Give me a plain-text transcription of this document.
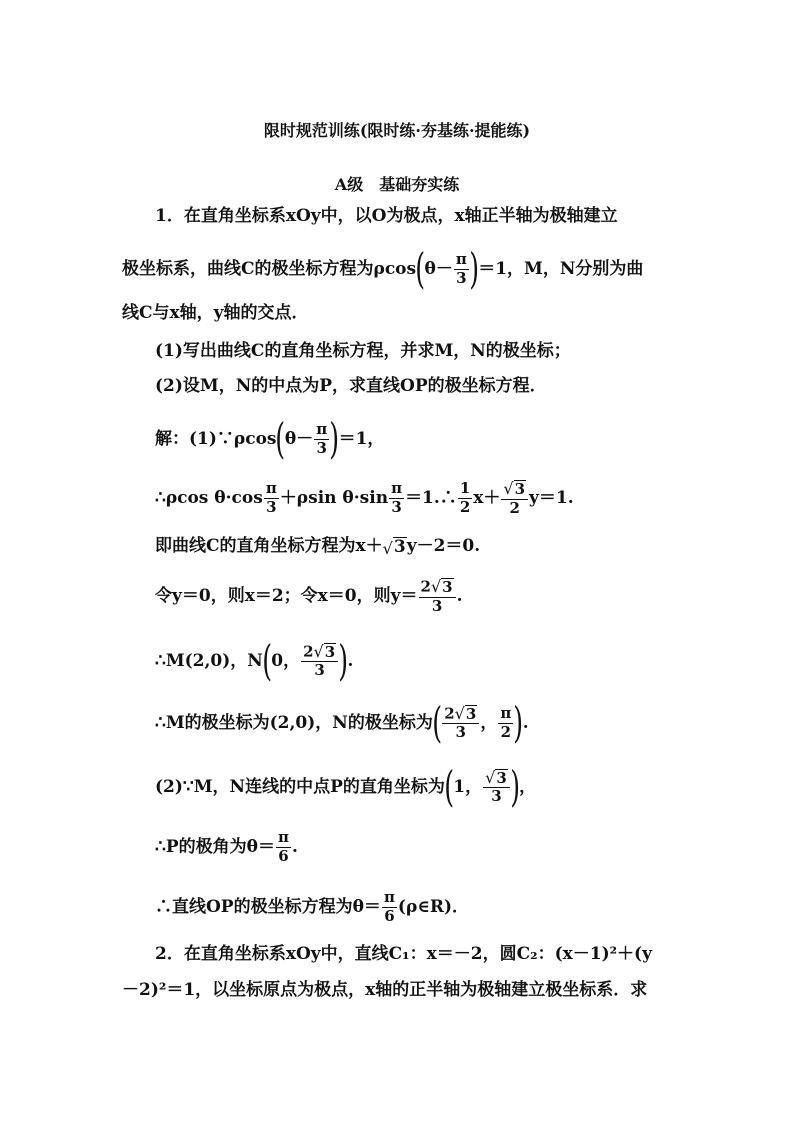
限时规范训练(限时练·夯基练·提能练)
A级　基础夯实练
1． 在直角坐标系xOy中，以O为极点，x轴正半轴为极轴建立
极坐标系，曲线C的极坐标方程为ρcos ( $\theta- \frac{\pi}{3}$ ) ＝1，M，N分别为曲
线C与x轴，y轴的交点．
(1)写出曲线C的直角坐标方程，并求M，N的极坐标；
(2)设M，N的中点为P，求直线OP的极坐标方程．
解：(1)∵ρcos ( $\theta- \frac{\pi}{3}$ ) ＝1，
∴ρcos $\theta\cdot\cos \frac{\pi}{3} +\rho\sin$ $\theta\cdot\sin \frac{\pi}{3}$ ＝1.∴ $\frac{1}{2} x+ \frac{√ 3}{2} y=1$.
即曲线C的直角坐标方程为x＋ √ 3 y－2＝0.
令y＝0，则x＝2；令x＝0，则$y= \frac{2 √ 3}{3}$ .
∴M(2,0)，N ( 0， $\frac{2 √ 3}{3}$ ) .
∴M的极坐标为(2,0)，N的极坐标为 ( $\frac{2 √ 3}{3}$ ， $\frac{\pi}{2}$ ) .
(2)∵M，N连线的中点P的直角坐标为 ( 1， $\frac{√ 3}{3}$ ) ，
∴P的极角为$\theta= \frac{\pi}{6}$ .
∴直线OP的极坐标方程为$\theta= \frac{\pi}{6}$ (ρ∈R)．
2．在直角坐标系xOy中，直线C₁：x＝－2，圆C₂：(x－1)²＋(y
－2)²＝1，以坐标原点为极点，x轴的正半轴为极轴建立极坐标系．求
